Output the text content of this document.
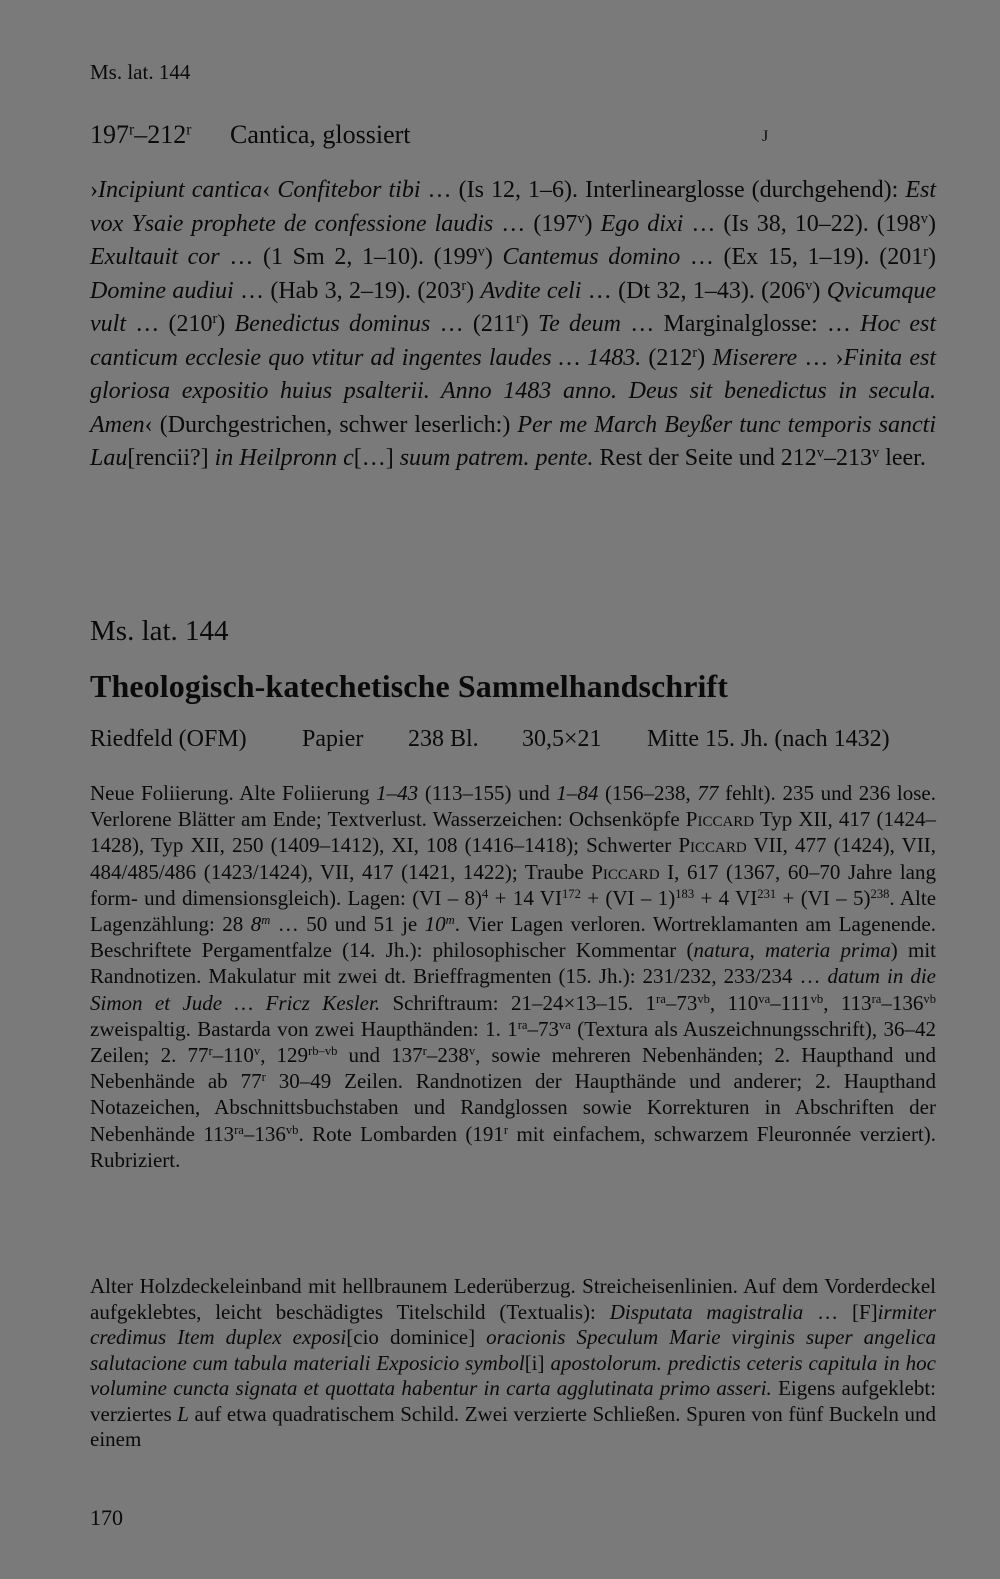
Ms. lat. 144
197$^r$–212$^r$ Cantica, glossiert	J
›Incipiunt cantica‹ Confitebor tibi … (Is 12, 1–6). Interlinearglosse (durchgehend): Est vox Ysaie prophete de confessione laudis … (197$^v$) Ego dixi … (Is 38, 10–22). (198$^v$) Exultauit cor … (1 Sm 2, 1–10). (199$^v$) Cantemus domino … (Ex 15, 1–19). (201$^r$) Domine audiui … (Hab 3, 2–19). (203$^r$) Avdite celi … (Dt 32, 1–43). (206$^v$) Qvicumque vult … (210$^r$) Benedictus dominus … (211$^r$) Te deum … Marginalglosse: … Hoc est canticum ecclesie quo vtitur ad ingentes laudes … 1483. (212$^r$) Miserere … ›Finita est gloriosa expositio huius psalterii. Anno 1483 anno. Deus sit benedictus in secula. Amen‹ (Durchgestrichen, schwer leserlich:) Per me March Beyßer tunc temporis sancti Lau[rencii?] in Heilpronn c[…] suum patrem. pente. Rest der Seite und 212$^v$–213$^v$ leer.
Ms. lat. 144
Theologisch-katechetische Sammelhandschrift
Riedfeld (OFM) Papier 238 Bl. 30,5×21 Mitte 15. Jh. (nach 1432)
Neue Foliierung. Alte Foliierung 1–43 (113–155) und 1–84 (156–238, 77 fehlt). 235 und 236 lose. Verlorene Blätter am Ende; Textverlust. Wasserzeichen: Ochsenköpfe Piccard Typ XII, 417 (1424–1428), Typ XII, 250 (1409–1412), XI, 108 (1416–1418); Schwerter Piccard VII, 477 (1424), VII, 484/485/486 (1423/1424), VII, 417 (1421, 1422); Traube Piccard I, 617 (1367, 60–70 Jahre lang form- und dimensionsgleich). Lagen: (VI – 8)$^4$ + 14 $VI^{172} + (VI - 1)^{183} + 4$ $VI^{231} + (VI - 5)^{238}$. Alte Lagenzählung: 28 8$^m$ … 50 und 51 je 10$^m$. Vier Lagen verloren. Wortreklamanten am Lagenende. Beschriftete Pergamentfalze (14. Jh.): philosophischer Kommentar (natura, materia prima) mit Randnotizen. Makulatur mit zwei dt. Brieffragmenten (15. Jh.): 231/232, 233/234 … datum in die Simon et Jude … Fricz Kesler. Schriftraum: 21–24×13–15. $1^{ra}-73^{vb}$, $110^{va}-111^{vb}$, $113^{ra}-136^{vb}$ zweispaltig. Bastarda von zwei Haupthänden: 1. $1^{ra}-73^{va}$ (Textura als Auszeichnungsschrift), 36–42 Zeilen; 2. 77$^r$–110$^v$, $129^{rb-vb}$ und 137$^r$–238$^v$, sowie mehreren Nebenhänden; 2. Haupthand und Nebenhände ab 77$^r$ 30–49 Zeilen. Randnotizen der Haupthände und anderer; 2. Haupthand Notazeichen, Abschnittsbuchstaben und Randglossen sowie Korrekturen in Abschriften der Nebenhände $113^{ra}-136^{vb}$. Rote Lombarden (191$^r$ mit einfachem, schwarzem Fleuronnée verziert). Rubriziert.
Alter Holzdeckeleinband mit hellbraunem Lederüberzug. Streicheisenlinien. Auf dem Vorderdeckel aufgeklebtes, leicht beschädigtes Titelschild (Textualis): Disputata magistralia … [F]irmiter credimus Item duplex exposi[cio dominice] oracionis Speculum Marie virginis super angelica salutacione cum tabula materiali Exposicio symbol[i] apostolorum. predictis ceteris capitula in hoc volumine cuncta signata et quottata habentur in carta agglutinata primo asseri. Eigens aufgeklebt: verziertes L auf etwa quadratischem Schild. Zwei verzierte Schließen. Spuren von fünf Buckeln und einem
170
